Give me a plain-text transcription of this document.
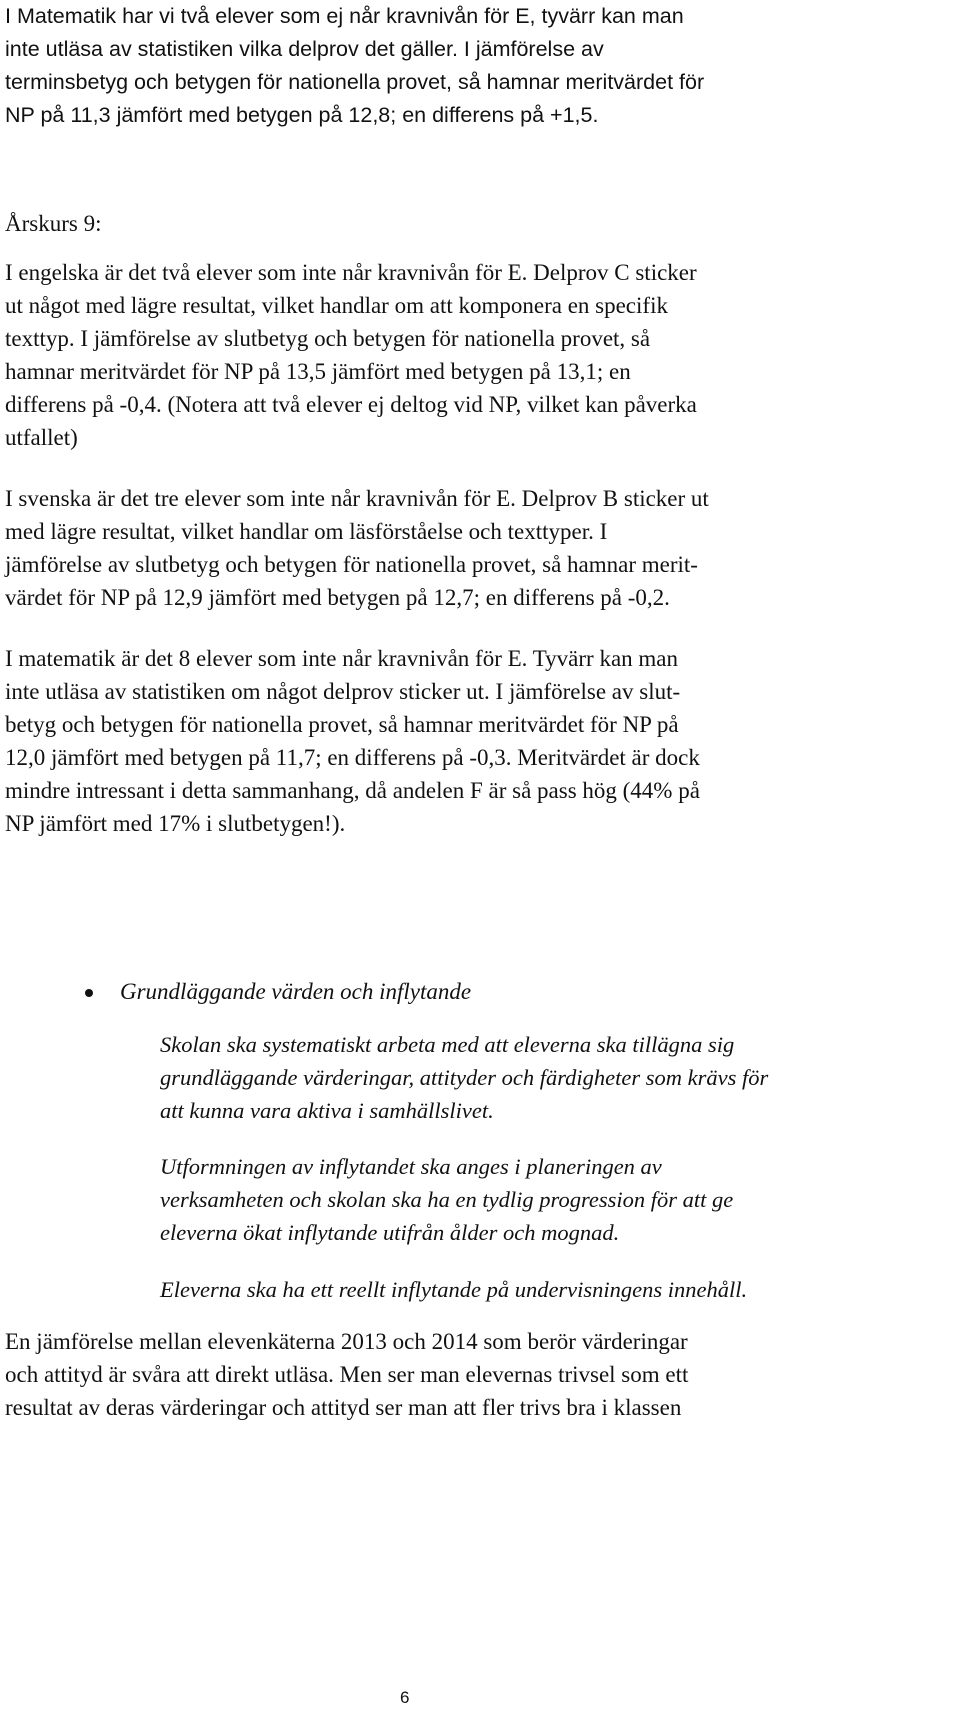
I Matematik har vi två elever som ej når kravnivån för E, tyvärr kan man
inte utläsa av statistiken vilka delprov det gäller. I jämförelse av
terminsbetyg och betygen för nationella provet, så hamnar meritvärdet för
NP på 11,3 jämfört med betygen på 12,8; en differens på +1,5.
Årskurs 9:
I engelska är det två elever som inte når kravnivån för E. Delprov C sticker
ut något med lägre resultat, vilket handlar om att komponera en specifik
texttyp. I jämförelse av slutbetyg och betygen för nationella provet, så
hamnar meritvärdet för NP på 13,5 jämfört med betygen på 13,1; en
differens på -0,4. (Notera att två elever ej deltog vid NP, vilket kan påverka
utfallet)
I svenska är det tre elever som inte når kravnivån för E. Delprov B sticker ut
med lägre resultat, vilket handlar om läsförståelse och texttyper. I
jämförelse av slutbetyg och betygen för nationella provet, så hamnar merit-
värdet för NP på 12,9 jämfört med betygen på 12,7; en differens på -0,2.
I matematik är det 8 elever som inte når kravnivån för E. Tyvärr kan man
inte utläsa av statistiken om något delprov sticker ut. I jämförelse av slut-
betyg och betygen för nationella provet, så hamnar meritvärdet för NP på
12,0 jämfört med betygen på 11,7; en differens på -0,3. Meritvärdet är dock
mindre intressant i detta sammanhang, då andelen F är så pass hög (44% på
NP jämfört med 17% i slutbetygen!).
Grundläggande värden och inflytande
Skolan ska systematiskt arbeta med att eleverna ska tillägna sig
grundläggande värderingar, attityder och färdigheter som krävs för
att kunna vara aktiva i samhällslivet.
Utformningen av inflytandet ska anges i planeringen av
verksamheten och skolan ska ha en tydlig progression för att ge
eleverna ökat inflytande utifrån ålder och mognad.
Eleverna ska ha ett reellt inflytande på undervisningens innehåll.
En jämförelse mellan elevenkäterna 2013 och 2014 som berör värderingar
och attityd är svåra att direkt utläsa. Men ser man elevernas trivsel som ett
resultat av deras värderingar och attityd ser man att fler trivs bra i klassen
6
